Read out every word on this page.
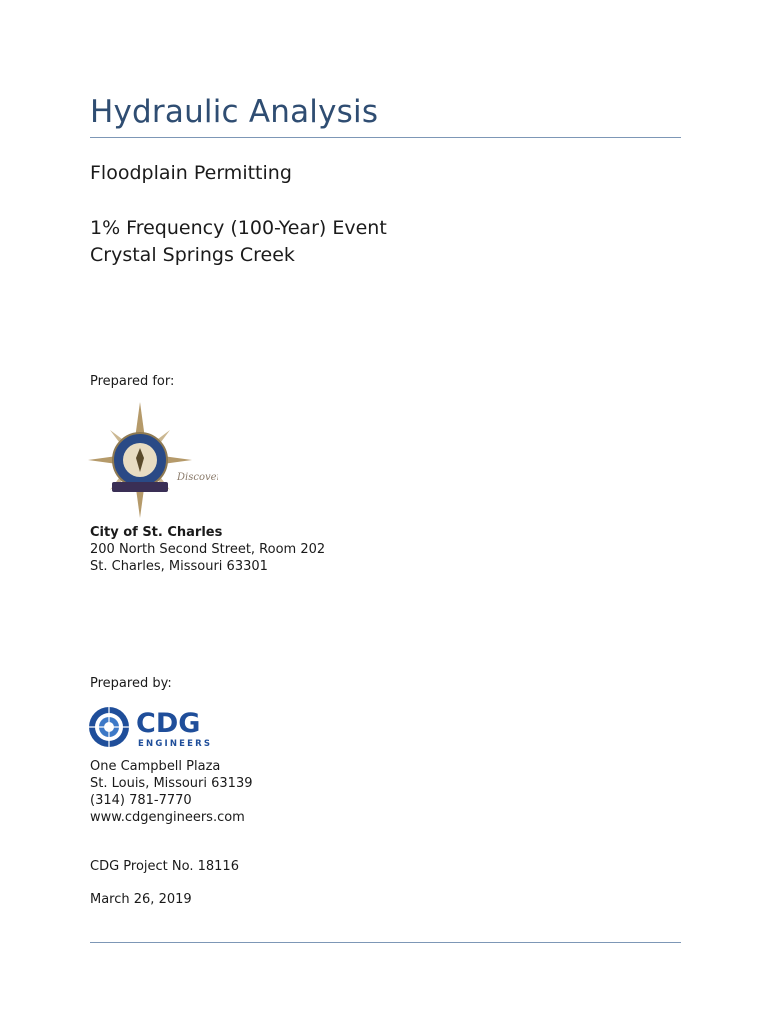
Hydraulic Analysis
Floodplain Permitting
1% Frequency (100-Year) Event
Crystal Springs Creek
Prepared for:
Discover
City of St. Charles
200 North Second Street, Room 202
St. Charles, Missouri 63301
Prepared by:
CDG
ENGINEERS
One Campbell Plaza
St. Louis, Missouri 63139
(314) 781-7770
www.cdgengineers.com
CDG Project No. 18116
March 26, 2019
